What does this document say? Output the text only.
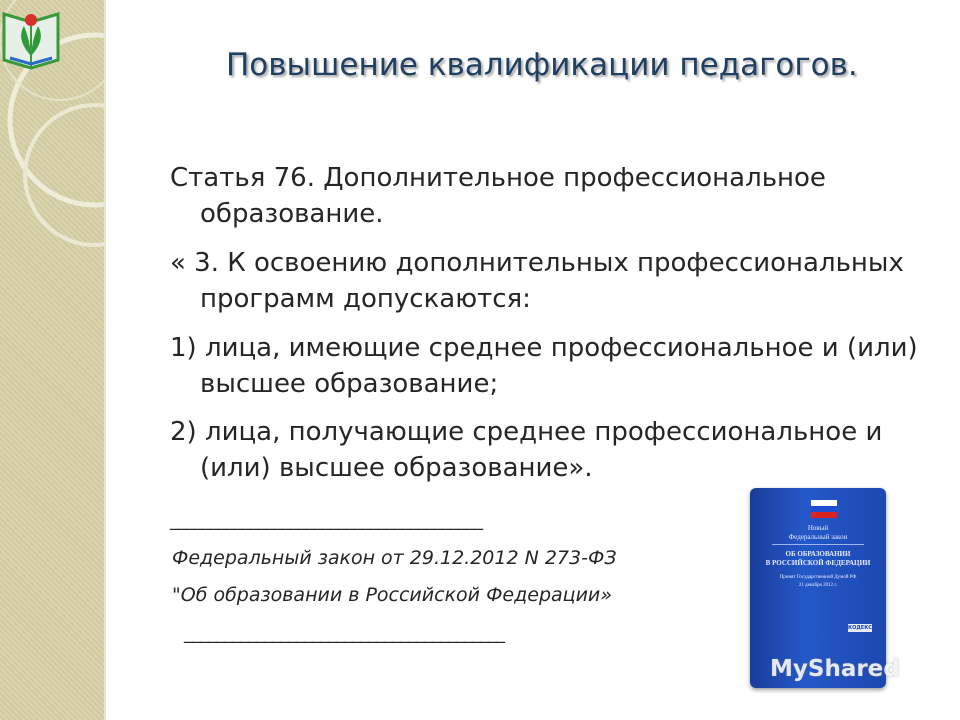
Повышение квалификации педагогов.
Статья 76. Дополнительное профессиональное
образование.
« 3. К освоению дополнительных профессиональных
программ допускаются:
1) лица, имеющие среднее профессиональное и (или)
высшее образование;
2) лица, получающие среднее профессиональное и
(или) высшее образование».
_______________________________________
Федеральный закон от 29.12.2012 N 273-ФЗ
"Об образовании в Российской Федерации»
________________________________________
Новый
Федеральный закон
ОБ ОБРАЗОВАНИИ
В РОССИЙСКОЙ ФЕДЕРАЦИИ
Принят Государственной Думой РФ
21 декабря 2012 г.
КОДЕКС
MyShared
